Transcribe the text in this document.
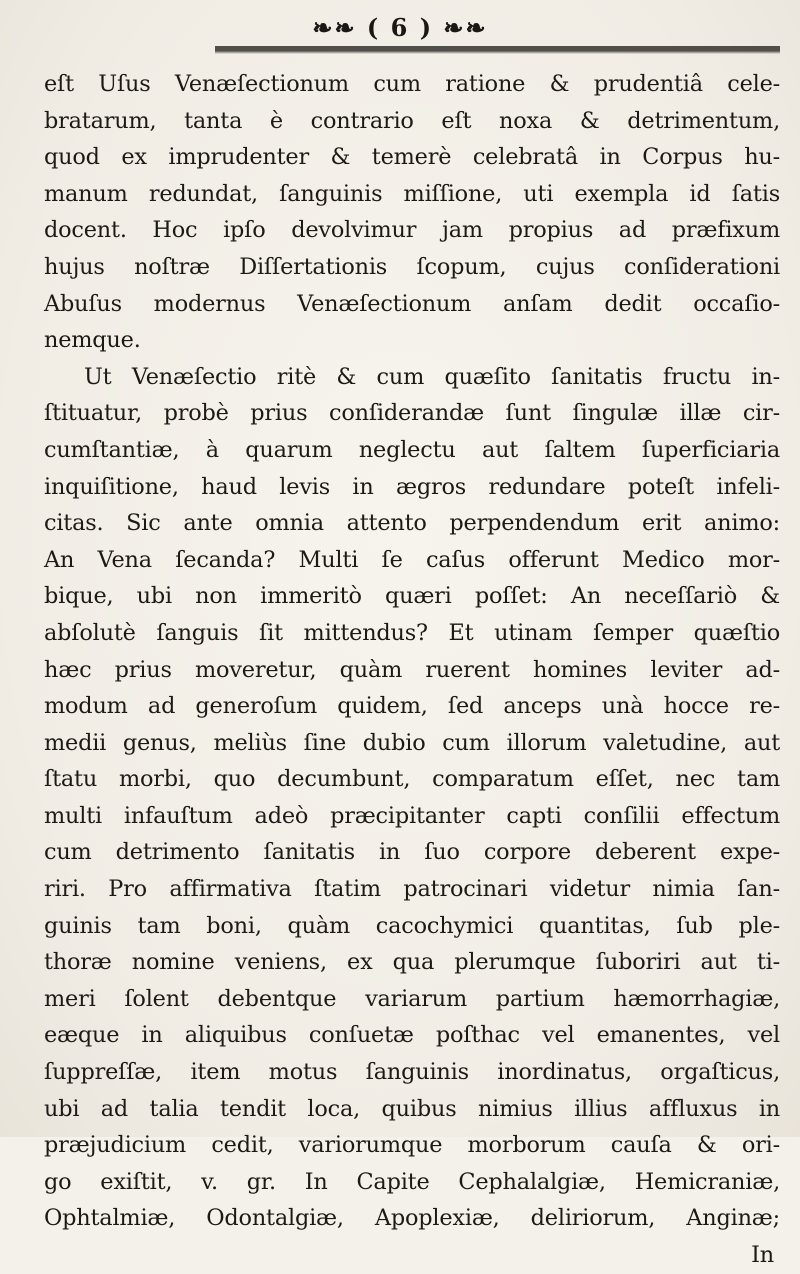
❧❧ ( 6 ) ❧❧
eſt Uſus Venæſectionum cum ratione & prudentiâ cele-
bratarum, tanta è contrario eſt noxa & detrimentum,
quod ex imprudenter & temerè celebratâ in Corpus hu-
manum redundat, ſanguinis miſſione, uti exempla id ſatis
docent. Hoc ipſo devolvimur jam propius ad præfixum
hujus noſtræ Diſſertationis ſcopum, cujus conſiderationi
Abuſus modernus Venæſectionum anſam dedit occaſio-
nemque.
Ut Venæſectio ritè & cum quæſito ſanitatis fructu in-
ſtituatur, probè prius conſiderandæ ſunt ſingulæ illæ cir-
cumſtantiæ, à quarum neglectu aut ſaltem ſuperficiaria
inquiſitione, haud levis in ægros redundare poteſt infeli-
citas. Sic ante omnia attento perpendendum erit animo:
An Vena ſecanda? Multi ſe caſus offerunt Medico mor-
bique, ubi non immeritò quæri poſſet: An neceſſariò &
abſolutè ſanguis ſit mittendus? Et utinam ſemper quæſtio
hæc prius moveretur, quàm ruerent homines leviter ad-
modum ad generoſum quidem, ſed anceps unà hocce re-
medii genus, meliùs ſine dubio cum illorum valetudine, aut
ſtatu morbi, quo decumbunt, comparatum eſſet, nec tam
multi infauſtum adeò præcipitanter capti conſilii effectum
cum detrimento ſanitatis in ſuo corpore deberent expe-
riri. Pro affirmativa ſtatim patrocinari videtur nimia ſan-
guinis tam boni, quàm cacochymici quantitas, ſub ple-
thoræ nomine veniens, ex qua plerumque ſuboriri aut ti-
meri ſolent debentque variarum partium hæmorrhagiæ,
eæque in aliquibus conſuetæ poſthac vel emanentes, vel
ſuppreſſæ, item motus ſanguinis inordinatus, orgaſticus,
ubi ad talia tendit loca, quibus nimius illius affluxus in
præjudicium cedit, variorumque morborum cauſa & ori-
go exiſtit, v. gr. In Capite Cephalalgiæ, Hemicraniæ,
Ophtalmiæ, Odontalgiæ, Apoplexiæ, deliriorum, Anginæ;
In
